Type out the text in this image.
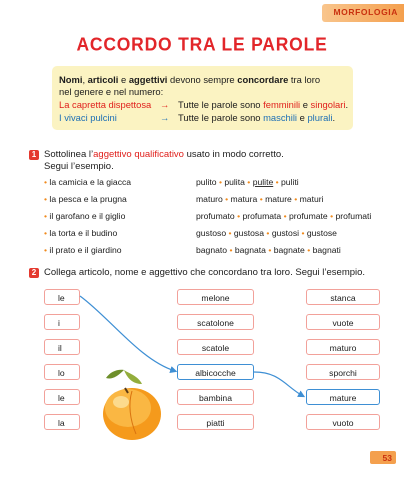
MORFOLOGIA
ACCORDO TRA LE PAROLE
Nomi, articoli e aggettivi devono sempre concordare tra loro
nel genere e nel numero:
La capretta dispettosa → Tutte le parole sono femminili e singolari.
I vivaci pulcini	→ Tutte le parole sono maschili e plurali.
1 Sottolinea l’aggettivo qualificativo usato in modo corretto.
Segui l’esempio.
• la camicia e la giacca	pulito • pulita • pulite • puliti
• la pesca e la prugna	maturo • matura • mature • maturi
• il garofano e il giglio	profumato • profumata • profumate • profumati
• la torta e il budino	gustoso • gustosa • gustosi • gustose
• il prato e il giardino	bagnato • bagnata • bagnate • bagnati
2 Collega articolo, nome e aggettivo che concordano tra loro. Segui l’esempio.
le
i
il
lo
le
la
melone
scatolone
scatole
albicocche
bambina
piatti
stanca
vuote
maturo
sporchi
mature
vuoto
53
